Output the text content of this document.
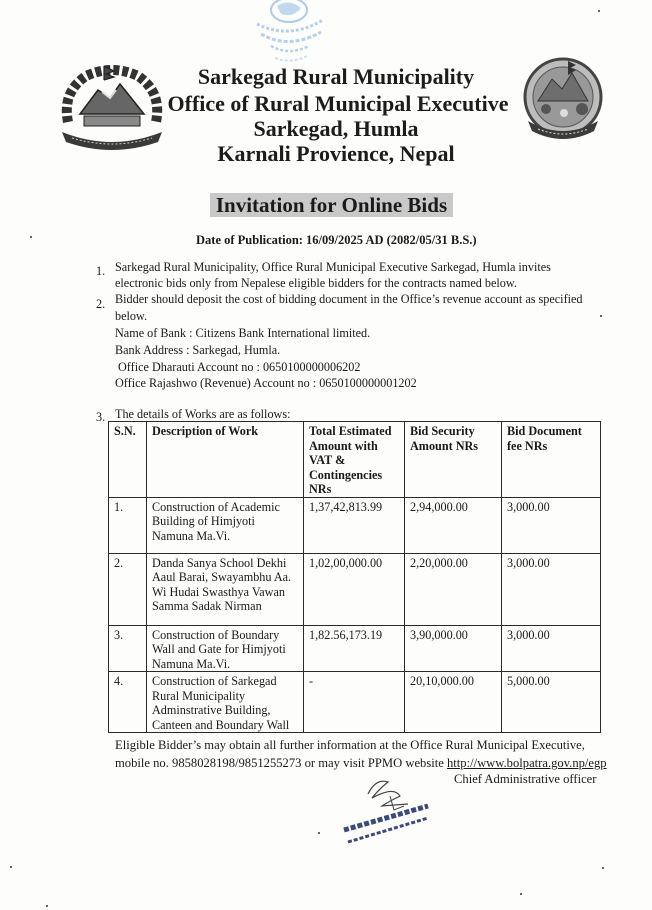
Sarkegad Rural Municipality
Office of Rural Municipal Executive
Sarkegad, Humla
Karnali Provience, Nepal
Invitation for Online Bids
Date of Publication: 16/09/2025 AD (2082/05/31 B.S.)
1. Sarkegad Rural Municipality, Office Rural Municipal Executive Sarkegad, Humla invites
electronic bids only from Nepalese eligible bidders for the contracts named below.
2. Bidder should deposit the cost of bidding document in the Office’s revenue account as specified
below.
Name of Bank : Citizens Bank International limited.
Bank Address : Sarkegad, Humla.
Office Dharauti Account no : 0650100000006202
Office Rajashwo (Revenue) Account no : 0650100000001202
3. The details of Works are as follows:
S.N.	Description of Work	Total Estimated Amount with VAT & Contingencies NRs	Bid Security Amount NRs	Bid Document fee NRs
1.	Construction of Academic Building of Himjyoti Namuna Ma.Vi.	1,37,42,813.99	2,94,000.00	3,000.00
2.	Danda Sanya School Dekhi Aaul Barai, Swayambhu Aa. Wi Hudai Swasthya Vawan Samma Sadak Nirman	1,02,00,000.00	2,20,000.00	3,000.00
3.	Construction of Boundary Wall and Gate for Himjyoti Namuna Ma.Vi.	1,82.56,173.19	3,90,000.00	3,000.00
4.	Construction of Sarkegad Rural Municipality Adminstrative Building, Canteen and Boundary Wall	-	20,10,000.00	5,000.00
Eligible Bidder’s may obtain all further information at the Office Rural Municipal Executive,
mobile no. 9858028198/9851255273 or may visit PPMO website http://www.bolpatra.gov.np/egp
Chief Administrative officer
